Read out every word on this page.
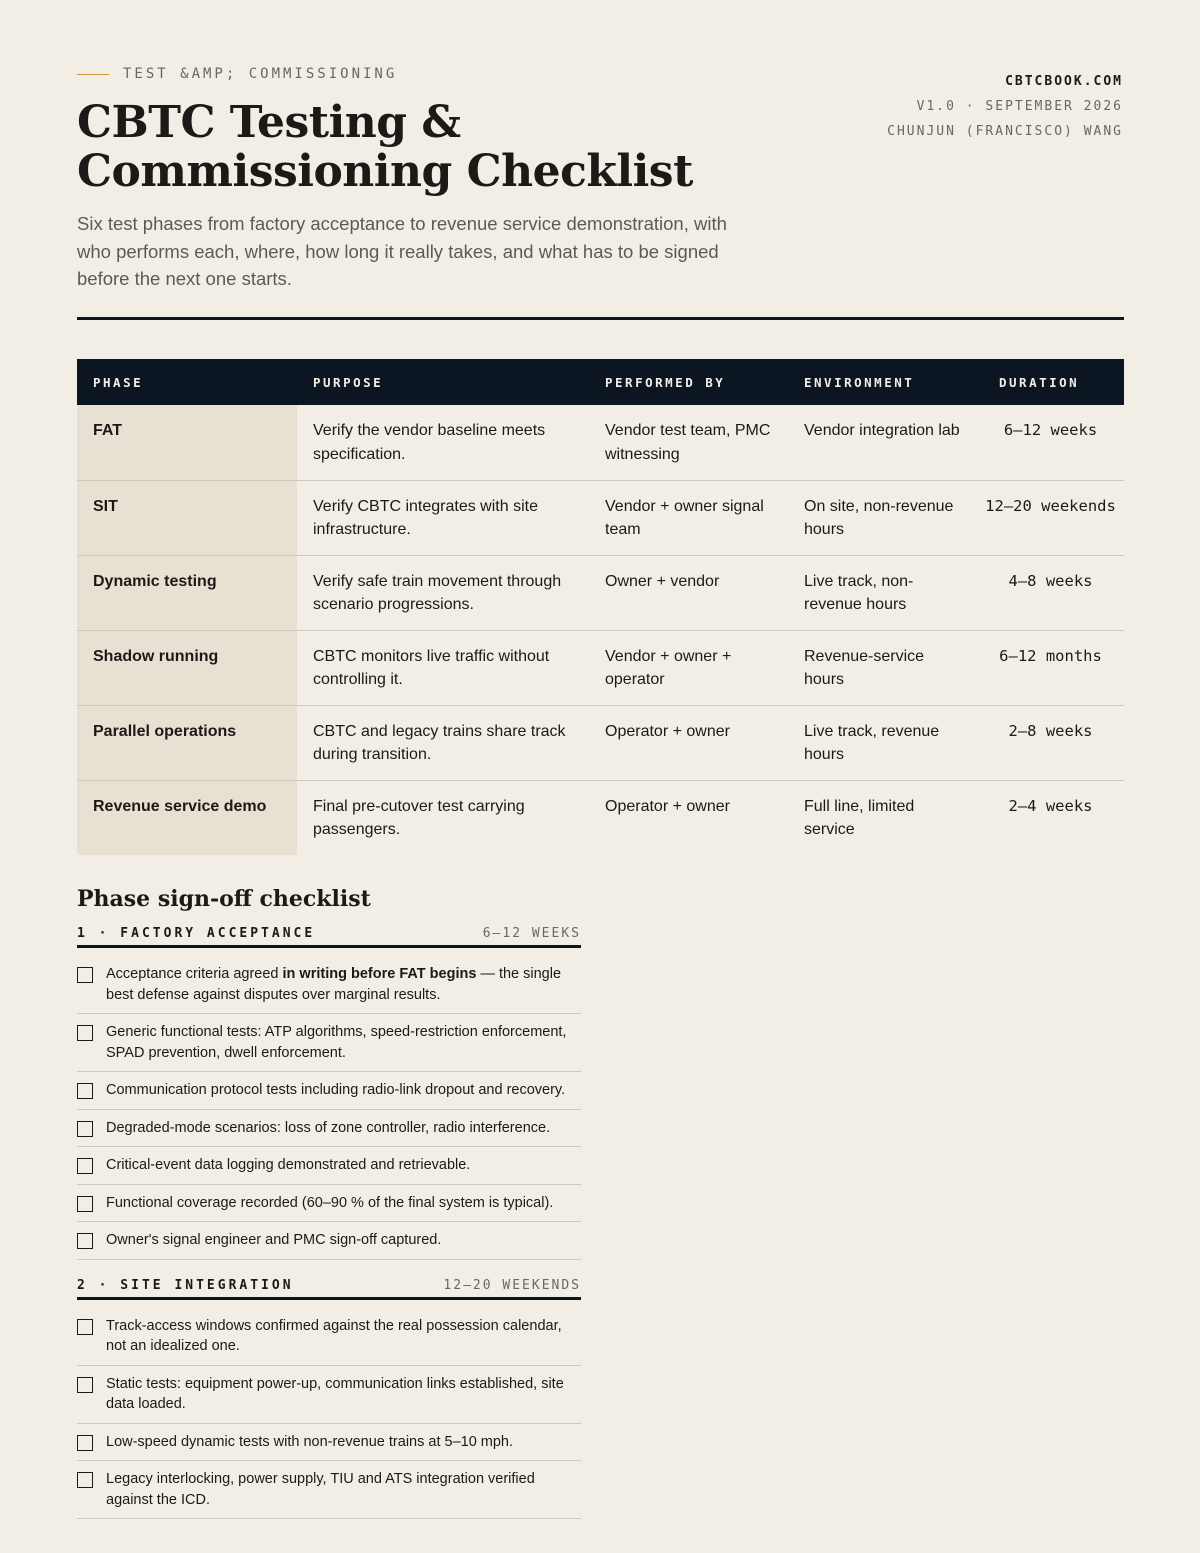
TEST &AMP; COMMISSIONING
CBTC Testing &
Commissioning Checklist

Six test phases from factory acceptance to revenue service demonstration, with who performs each, where, how long it really takes, and what has to be signed before the next one starts.

CBTCBOOK.COM
V1.0 · SEPTEMBER 2026
CHUNJUN (FRANCISCO) WANG
PHASE	PURPOSE	PERFORMED BY	ENVIRONMENT	DURATION
FAT	Verify the vendor baseline meets specification.	Vendor test team, PMC witnessing	Vendor integration lab	6–12 weeks
SIT	Verify CBTC integrates with site infrastructure.	Vendor + owner signal team	On site, non-revenue hours	12–20 weekends
Dynamic testing	Verify safe train movement through scenario progressions.	Owner + vendor	Live track, non-revenue hours	4–8 weeks
Shadow running	CBTC monitors live traffic without controlling it.	Vendor + owner + operator	Revenue-service hours	6–12 months
Parallel operations	CBTC and legacy trains share track during transition.	Operator + owner	Live track, revenue hours	2–8 weeks
Revenue service demo	Final pre-cutover test carrying passengers.	Operator + owner	Full line, limited service	2–4 weeks
Phase sign-off checklist
1 · FACTORY ACCEPTANCE	6–12 WEEKS
Acceptance criteria agreed in writing before FAT begins — the single best defense against disputes over marginal results.
Generic functional tests: ATP algorithms, speed-restriction enforcement, SPAD prevention, dwell enforcement.
Communication protocol tests including radio-link dropout and recovery.
Degraded-mode scenarios: loss of zone controller, radio interference.
Critical-event data logging demonstrated and retrievable.
Functional coverage recorded (60–90 % of the final system is typical).
Owner's signal engineer and PMC sign-off captured.
2 · SITE INTEGRATION	12–20 WEEKENDS
Track-access windows confirmed against the real possession calendar, not an idealized one.
Static tests: equipment power-up, communication links established, site data loaded.
Low-speed dynamic tests with non-revenue trains at 5–10 mph.
Legacy interlocking, power supply, TIU and ATS integration verified against the ICD.
